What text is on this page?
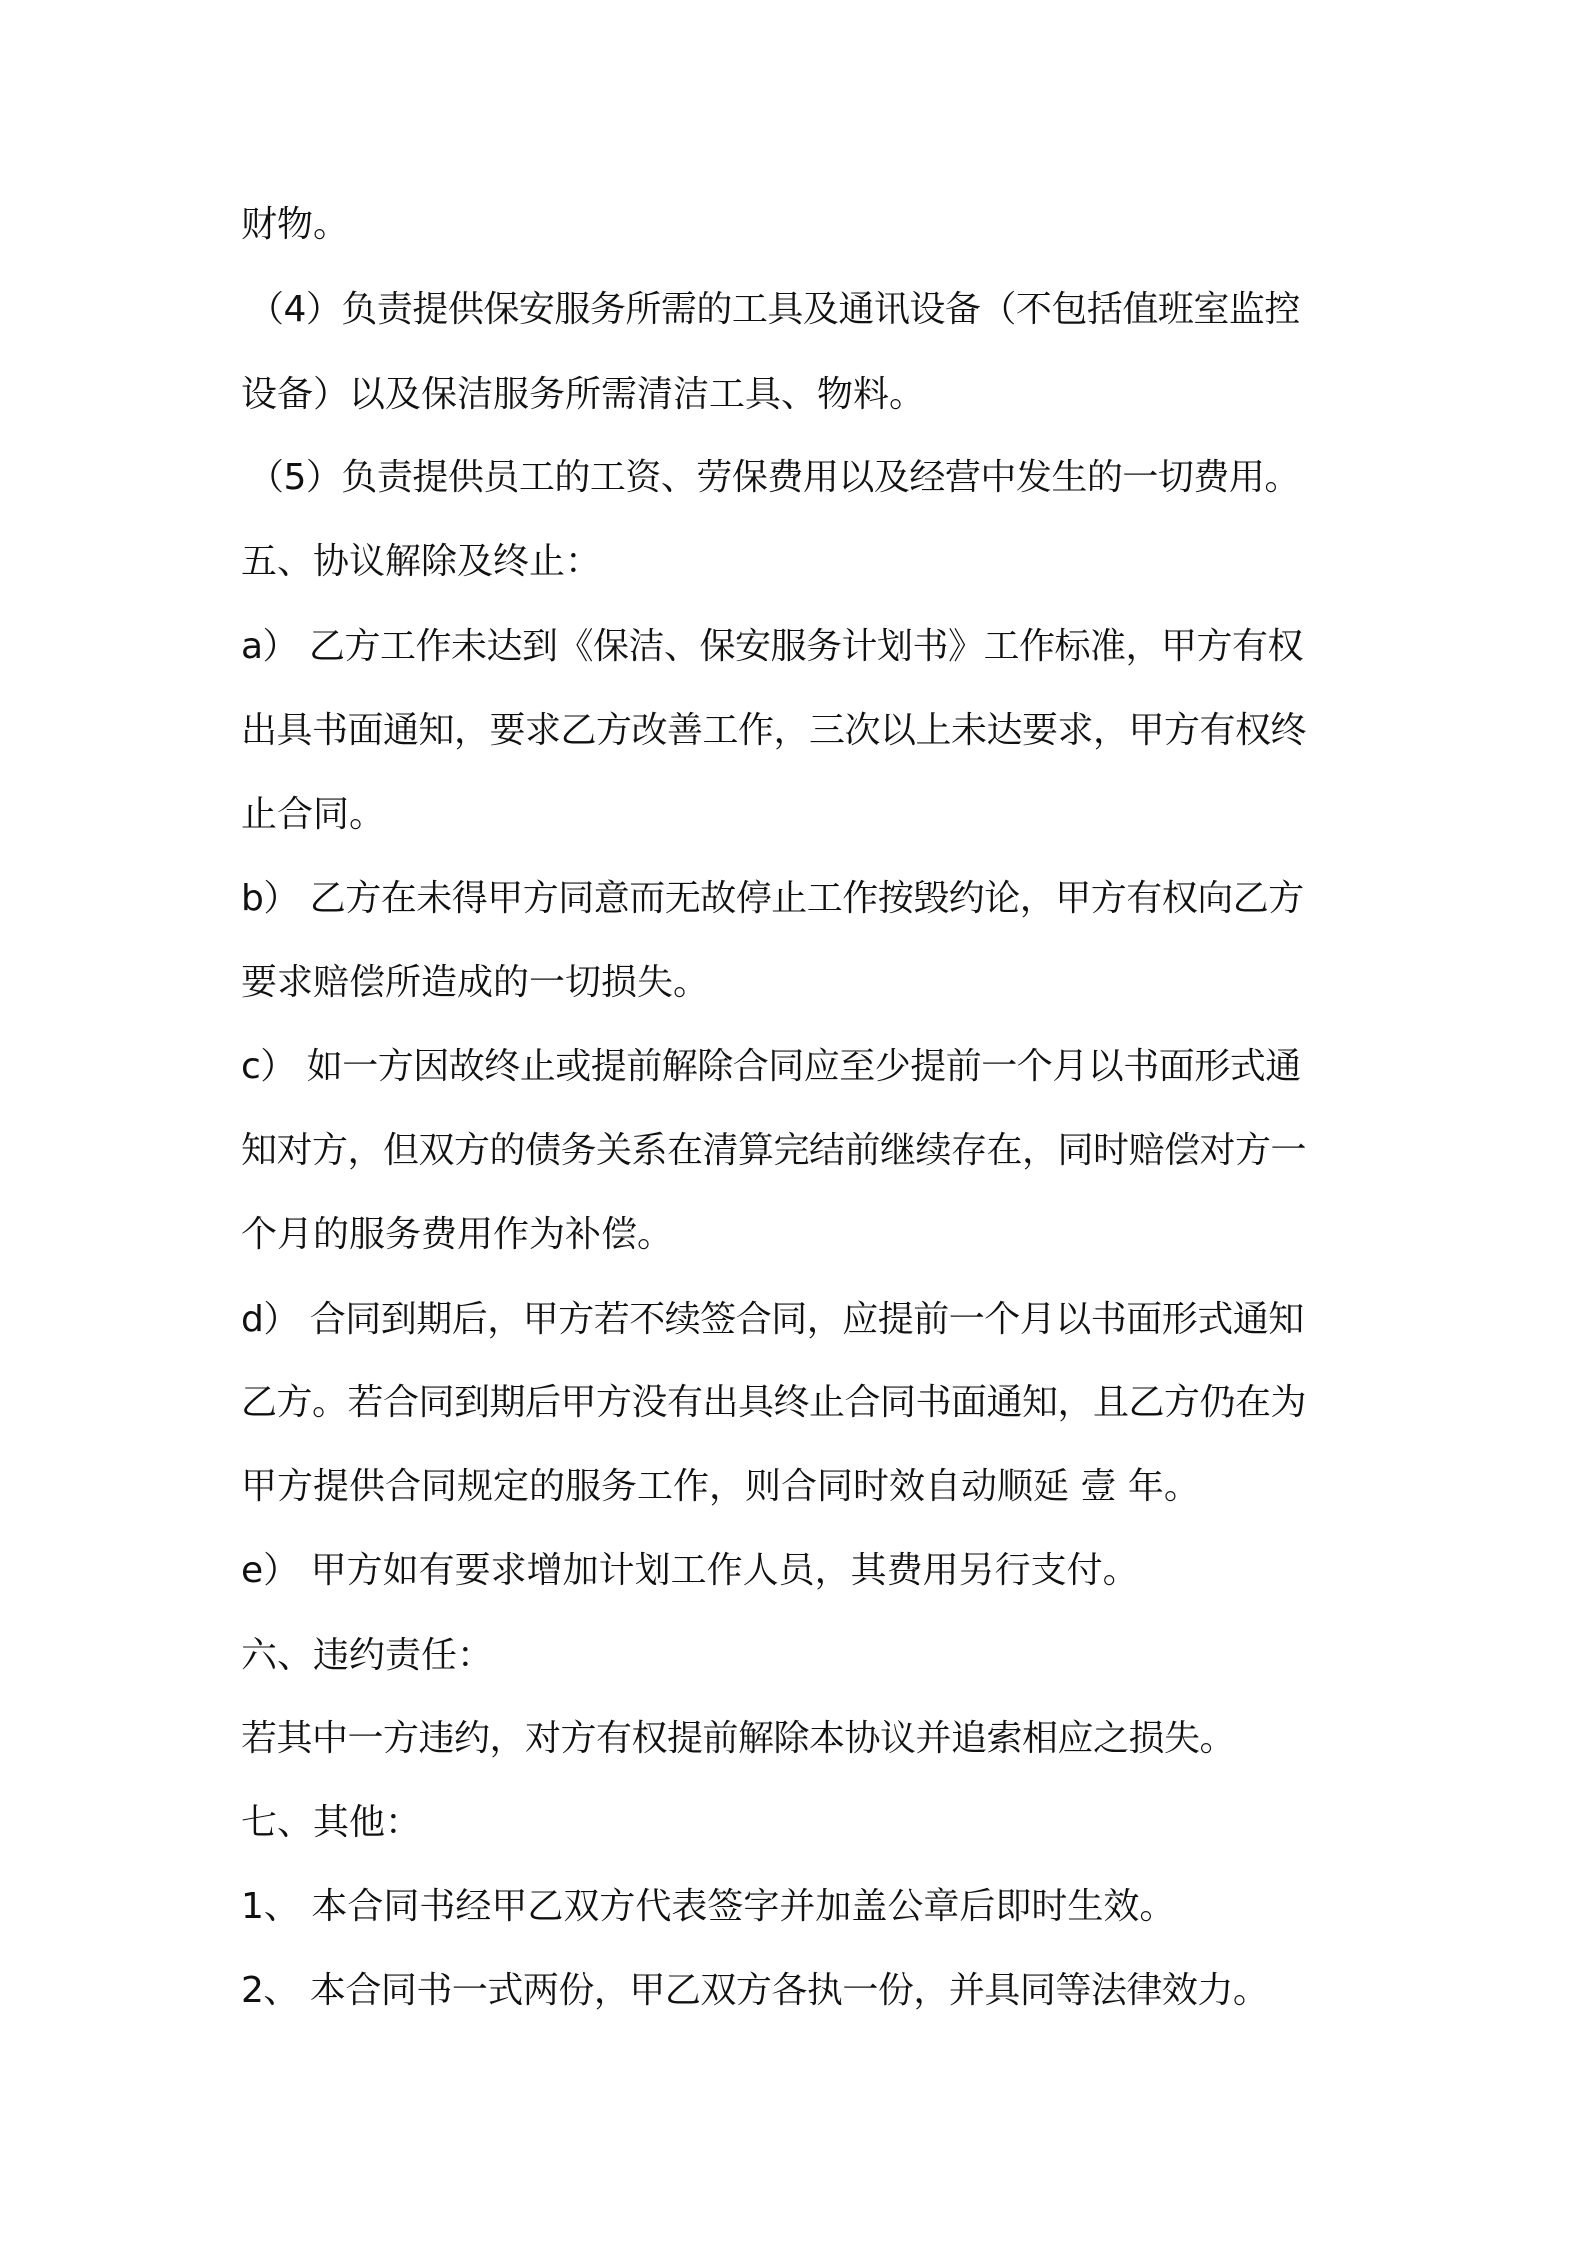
财物。
（4）负责提供保安服务所需的工具及通讯设备（不包括值班室监控
设备）以及保洁服务所需清洁工具、物料。
（5）负责提供员工的工资、劳保费用以及经营中发生的一切费用。
五、协议解除及终止：
a） 乙方工作未达到《保洁、保安服务计划书》工作标准，甲方有权
出具书面通知，要求乙方改善工作，三次以上未达要求，甲方有权终
止合同。
b） 乙方在未得甲方同意而无故停止工作按毁约论，甲方有权向乙方
要求赔偿所造成的一切损失。
c） 如一方因故终止或提前解除合同应至少提前一个月以书面形式通
知对方，但双方的债务关系在清算完结前继续存在，同时赔偿对方一
个月的服务费用作为补偿。
d） 合同到期后，甲方若不续签合同，应提前一个月以书面形式通知
乙方。若合同到期后甲方没有出具终止合同书面通知，且乙方仍在为
甲方提供合同规定的服务工作，则合同时效自动顺延 壹 年。
e） 甲方如有要求增加计划工作人员，其费用另行支付。
六、违约责任：
若其中一方违约，对方有权提前解除本协议并追索相应之损失。
七、其他：
1、 本合同书经甲乙双方代表签字并加盖公章后即时生效。
2、 本合同书一式两份，甲乙双方各执一份，并具同等法律效力。
